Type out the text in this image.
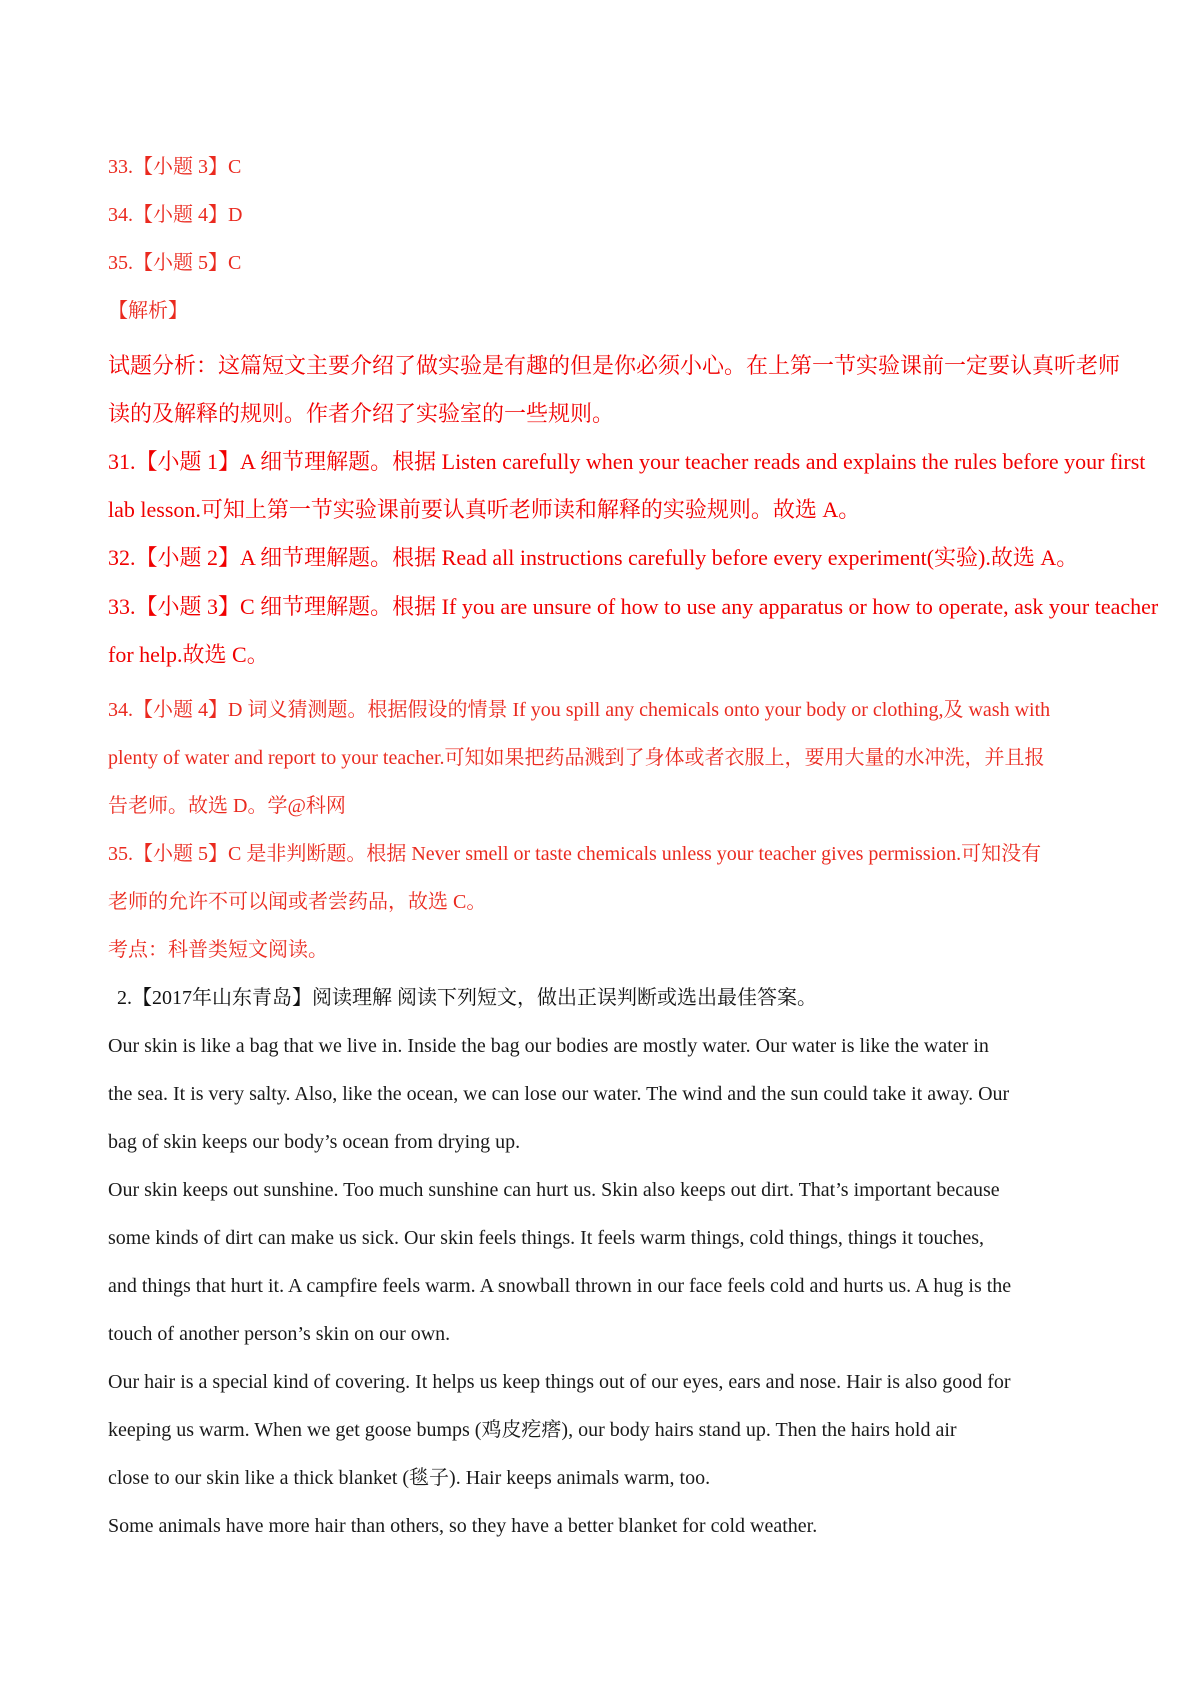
33.【小题 3】C
34.【小题 4】D
35.【小题 5】C
【解析】
试题分析：这篇短文主要介绍了做实验是有趣的但是你必须小心。在上第一节实验课前一定要认真听老师
读的及解释的规则。作者介绍了实验室的一些规则。
31.【小题 1】A 细节理解题。根据 Listen carefully when your teacher reads and explains the rules before your first
lab lesson.可知上第一节实验课前要认真听老师读和解释的实验规则。故选 A。
32.【小题 2】A 细节理解题。根据 Read all instructions carefully before every experiment(实验).故选 A。
33.【小题 3】C 细节理解题。根据 If you are unsure of how to use any apparatus or how to operate, ask your teacher
for help.故选 C。
34.【小题 4】D 词义猜测题。根据假设的情景 If you spill any chemicals onto your body or clothing,及 wash with
plenty of water and report to your teacher.可知如果把药品溅到了身体或者衣服上，要用大量的水冲洗，并且报
告老师。故选 D。学@科网
35.【小题 5】C 是非判断题。根据 Never smell or taste chemicals unless your teacher gives permission.可知没有
老师的允许不可以闻或者尝药品，故选 C。
考点：科普类短文阅读。
2.【2017年山东青岛】阅读理解 阅读下列短文，做出正误判断或选出最佳答案。
Our skin is like a bag that we live in. Inside the bag our bodies are mostly water. Our water is like the water in
the sea. It is very salty. Also, like the ocean, we can lose our water. The wind and the sun could take it away. Our
bag of skin keeps our body’s ocean from drying up.
Our skin keeps out sunshine. Too much sunshine can hurt us. Skin also keeps out dirt. That’s important because
some kinds of dirt can make us sick. Our skin feels things. It feels warm things, cold things, things it touches,
and things that hurt it. A campfire feels warm. A snowball thrown in our face feels cold and hurts us. A hug is the
touch of another person’s skin on our own.
Our hair is a special kind of covering. It helps us keep things out of our eyes, ears and nose. Hair is also good for
keeping us warm. When we get goose bumps (鸡皮疙瘩), our body hairs stand up. Then the hairs hold air
close to our skin like a thick blanket (毯子). Hair keeps animals warm, too.
Some animals have more hair than others, so they have a better blanket for cold weather.
